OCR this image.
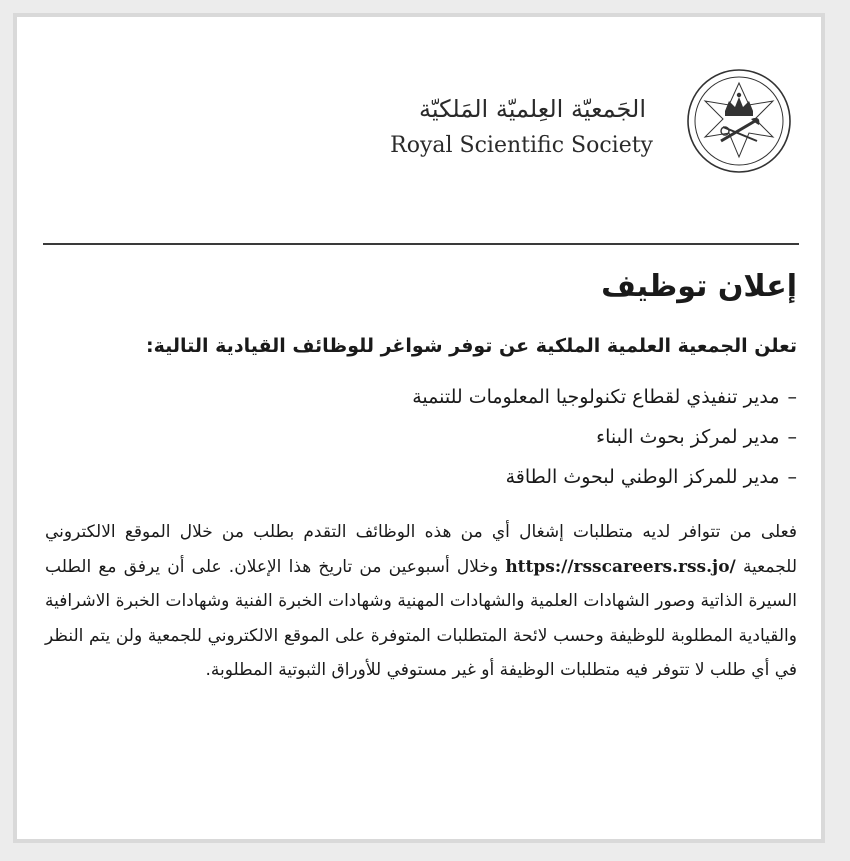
الجَمعيّة العِلميّة المَلكيّة
Royal Scientific Society
إعلان توظيف

تعلن الجمعية العلمية الملكية عن توفر شواغر للوظائف القيادية التالية:

–مدير تنفيذي لقطاع تكنولوجيا المعلومات للتنمية
–مدير لمركز بحوث البناء
–مدير للمركز الوطني لبحوث الطاقة

فعلى من تتوافر لديه متطلبات إشغال أي من هذه الوظائف التقدم بطلب من خلال الموقع الالكتروني للجمعية https://rsscareers.rss.jo/ وخلال أسبوعين من تاريخ هذا الإعلان. على أن يرفق مع الطلب السيرة الذاتية وصور الشهادات العلمية والشهادات المهنية وشهادات الخبرة الفنية وشهادات الخبرة الاشرافية والقيادية المطلوبة للوظيفة وحسب لائحة المتطلبات المتوفرة على الموقع الالكتروني للجمعية ولن يتم النظر في أي طلب لا تتوفر فيه متطلبات الوظيفة أو غير مستوفي للأوراق الثبوتية المطلوبة.
